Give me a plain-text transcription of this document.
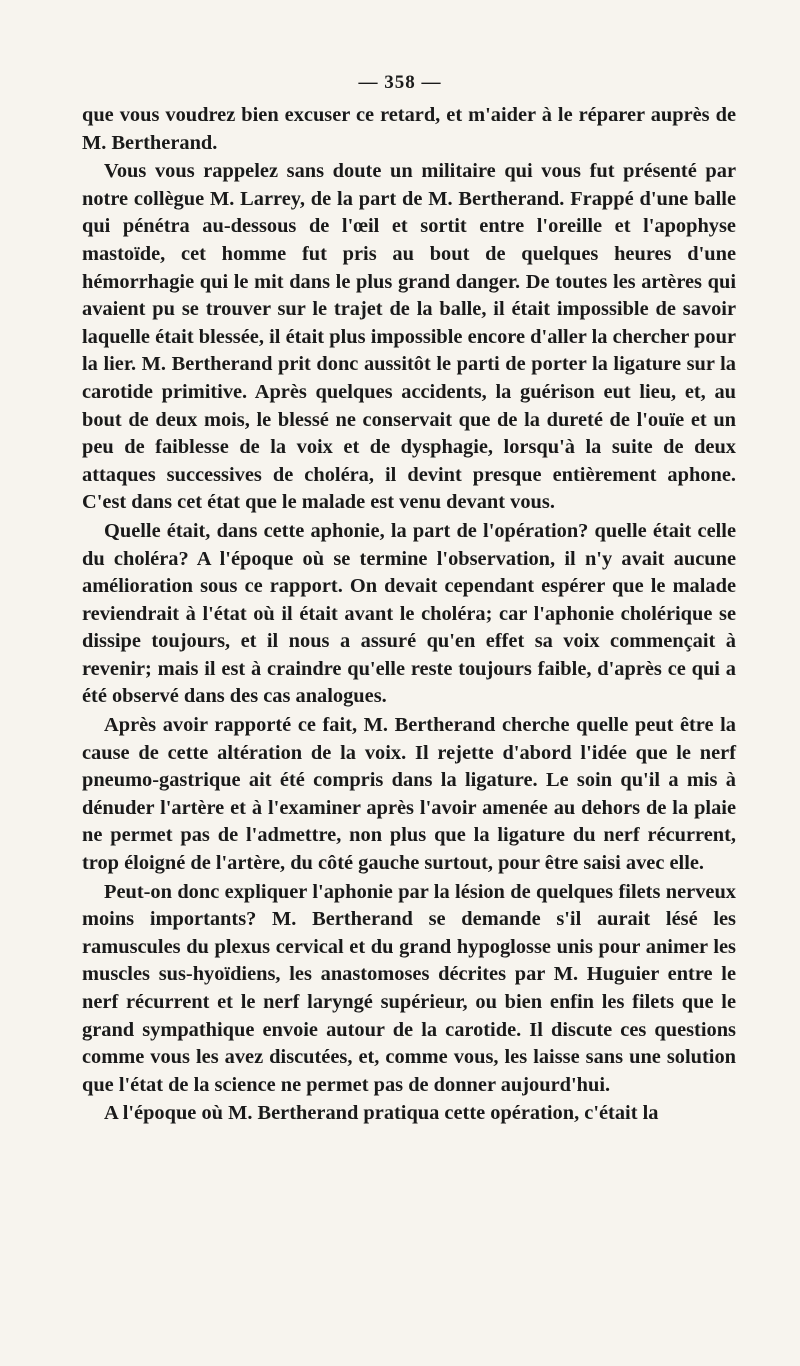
— 358 —

que vous voudrez bien excuser ce retard, et m'aider à le réparer auprès de M. Bertherand.

Vous vous rappelez sans doute un militaire qui vous fut présenté par notre collègue M. Larrey, de la part de M. Bertherand. Frappé d'une balle qui pénétra au-dessous de l'œil et sortit entre l'oreille et l'apophyse mastoïde, cet homme fut pris au bout de quelques heures d'une hémorrhagie qui le mit dans le plus grand danger. De toutes les artères qui avaient pu se trouver sur le trajet de la balle, il était impossible de savoir laquelle était blessée, il était plus impossible encore d'aller la chercher pour la lier. M. Bertherand prit donc aussitôt le parti de porter la ligature sur la carotide primitive. Après quelques accidents, la guérison eut lieu, et, au bout de deux mois, le blessé ne conservait que de la dureté de l'ouïe et un peu de faiblesse de la voix et de dysphagie, lorsqu'à la suite de deux attaques successives de choléra, il devint presque entièrement aphone. C'est dans cet état que le malade est venu devant vous.

Quelle était, dans cette aphonie, la part de l'opération? quelle était celle du choléra? A l'époque où se termine l'observation, il n'y avait aucune amélioration sous ce rapport. On devait cependant espérer que le malade reviendrait à l'état où il était avant le choléra; car l'aphonie cholérique se dissipe toujours, et il nous a assuré qu'en effet sa voix commençait à revenir; mais il est à craindre qu'elle reste toujours faible, d'après ce qui a été observé dans des cas analogues.

Après avoir rapporté ce fait, M. Bertherand cherche quelle peut être la cause de cette altération de la voix. Il rejette d'abord l'idée que le nerf pneumo-gastrique ait été compris dans la ligature. Le soin qu'il a mis à dénuder l'artère et à l'examiner après l'avoir amenée au dehors de la plaie ne permet pas de l'admettre, non plus que la ligature du nerf récurrent, trop éloigné de l'artère, du côté gauche surtout, pour être saisi avec elle.

Peut-on donc expliquer l'aphonie par la lésion de quelques filets nerveux moins importants? M. Bertherand se demande s'il aurait lésé les ramuscules du plexus cervical et du grand hypoglosse unis pour animer les muscles sus-hyoïdiens, les anastomoses décrites par M. Huguier entre le nerf récurrent et le nerf laryngé supérieur, ou bien enfin les filets que le grand sympathique envoie autour de la carotide. Il discute ces questions comme vous les avez discutées, et, comme vous, les laisse sans une solution que l'état de la science ne permet pas de donner aujourd'hui.

A l'époque où M. Bertherand pratiqua cette opération, c'était la
